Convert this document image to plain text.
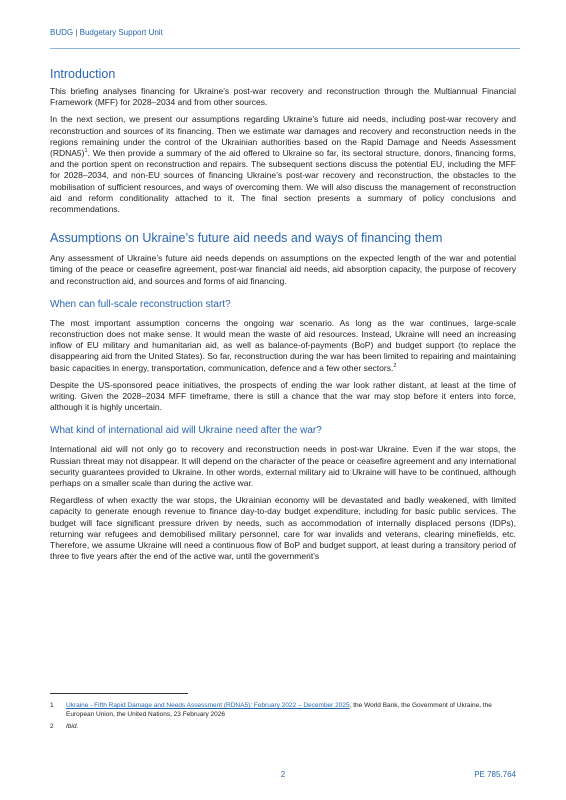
BUDG | Budgetary Support Unit
Introduction

This briefing analyses financing for Ukraine’s post-war recovery and reconstruction through the Multiannual Financial Framework (MFF) for 2028–2034 and from other sources.

In the next section, we present our assumptions regarding Ukraine’s future aid needs, including post-war recovery and reconstruction and sources of its financing. Then we estimate war damages and recovery and reconstruction needs in the regions remaining under the control of the Ukrainian authorities based on the Rapid Damage and Needs Assessment (RDNA5)$^1$. We then provide a summary of the aid offered to Ukraine so far, its sectoral structure, donors, financing forms, and the portion spent on reconstruction and repairs. The subsequent sections discuss the potential EU, including the MFF for 2028–2034, and non-EU sources of financing Ukraine’s post-war recovery and reconstruction, the obstacles to the mobilisation of sufficient resources, and ways of overcoming them. We will also discuss the management of reconstruction aid and reform conditionality attached to it. The final section presents a summary of policy conclusions and recommendations.

Assumptions on Ukraine’s future aid needs and ways of financing them

Any assessment of Ukraine’s future aid needs depends on assumptions on the expected length of the war and potential timing of the peace or ceasefire agreement, post-war financial aid needs, aid absorption capacity, the purpose of recovery and reconstruction aid, and sources and forms of aid financing.

When can full-scale reconstruction start?

The most important assumption concerns the ongoing war scenario. As long as the war continues, large-scale reconstruction does not make sense. It would mean the waste of aid resources. Instead, Ukraine will need an increasing inflow of EU military and humanitarian aid, as well as balance-of-payments (BoP) and budget support (to replace the disappearing aid from the United States). So far, reconstruction during the war has been limited to repairing and maintaining basic capacities in energy, transportation, communication, defence and a few other sectors.$^2$

Despite the US-sponsored peace initiatives, the prospects of ending the war look rather distant, at least at the time of writing. Given the 2028–2034 MFF timeframe, there is still a chance that the war may stop before it enters into force, although it is highly uncertain.

What kind of international aid will Ukraine need after the war?

International aid will not only go to recovery and reconstruction needs in post-war Ukraine. Even if the war stops, the Russian threat may not disappear. It will depend on the character of the peace or ceasefire agreement and any international security guarantees provided to Ukraine. In other words, external military aid to Ukraine will have to be continued, although perhaps on a smaller scale than during the active war.

Regardless of when exactly the war stops, the Ukrainian economy will be devastated and badly weakened, with limited capacity to generate enough revenue to finance day-to-day budget expenditure, including for basic public services. The budget will face significant pressure driven by needs, such as accommodation of internally displaced persons (IDPs), returning war refugees and demobilised military personnel, care for war invalids and veterans, clearing minefields, etc. Therefore, we assume Ukraine will need a continuous flow of BoP and budget support, at least during a transitory period of three to five years after the end of the active war, until the government’s

1	Ukraine - Fifth Rapid Damage and Needs Assessment (RDNA5): February 2022 – December 2025, the World Bank, the Government of Ukraine, the European Union, the United Nations, 23 February 2026
2	Ibid.
2	PE 785.764
